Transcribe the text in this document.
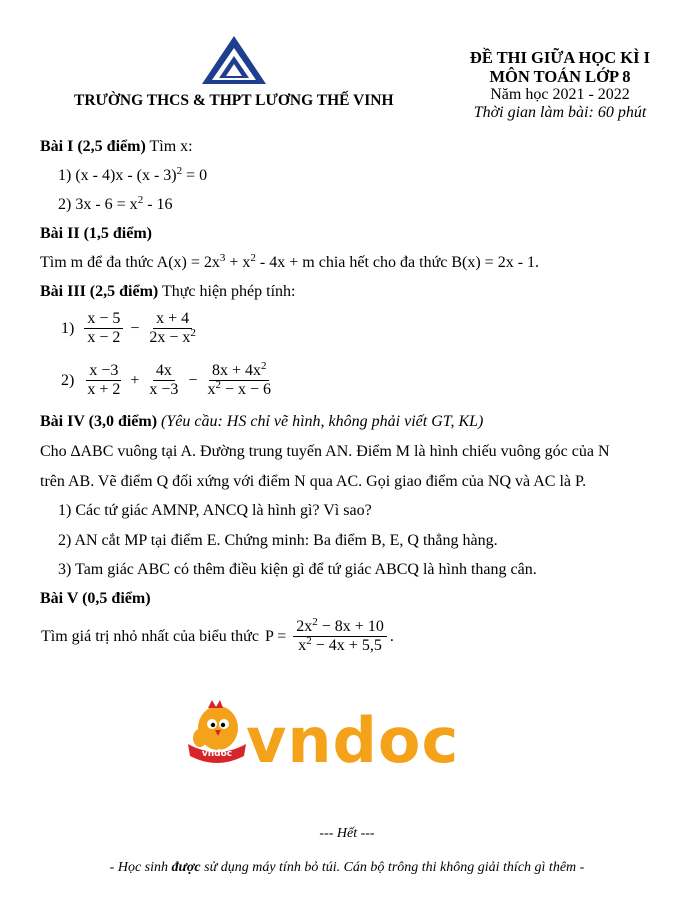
TRƯỜNG THCS & THPT LƯƠNG THẾ VINH
ĐỀ THI GIỮA HỌC KÌ I
MÔN TOÁN LỚP 8
Năm học 2021 - 2022
Thời gian làm bài: 60 phút
Bài I (2,5 điểm) Tìm x:
1) (x - 4)x - (x - 3)$^2$ = 0
2) $3x - 6 = x^2 - 16$
Bài II (1,5 điểm)
Tìm m để đa thức $A(x) = 2x^3 + x^2 - 4x + m$ chia hết cho đa thức B(x) = 2x - 1.
Bài III (2,5 điểm) Thực hiện phép tính:
$1) \frac{x - 5}{x - 2} - \frac{x + 4}{2x - x^2}$
$2) \frac{x -3}{x + 2} + \frac{4x}{x -3} - \frac{8x + 4x^2}{x^2 - x - 6}$
Bài IV (3,0 điểm) (Yêu cầu: HS chỉ vẽ hình, không phải viết GT, KL)
Cho ∆ABC vuông tại A. Đường trung tuyến AN. Điểm M là hình chiếu vuông góc của N
trên AB. Vẽ điểm Q đối xứng với điểm N qua AC. Gọi giao điểm của NQ và AC là P.
1) Các tứ giác AMNP, ANCQ là hình gì? Vì sao?
2) AN cắt MP tại điểm E. Chứng minh: Ba điểm B, E, Q thẳng hàng.
3) Tam giác ABC có thêm điều kiện gì để tứ giác ABCQ là hình thang cân.
Bài V (0,5 điểm)
Tìm giá trị nhỏ nhất của biểu thức $P = \frac{2x^2 - 8x + 10}{x^2 - 4x + 5,5}$ .
vndoc vndoc
--- Hết ---
- Học sinh được sử dụng máy tính bỏ túi. Cán bộ trông thi không giải thích gì thêm -
